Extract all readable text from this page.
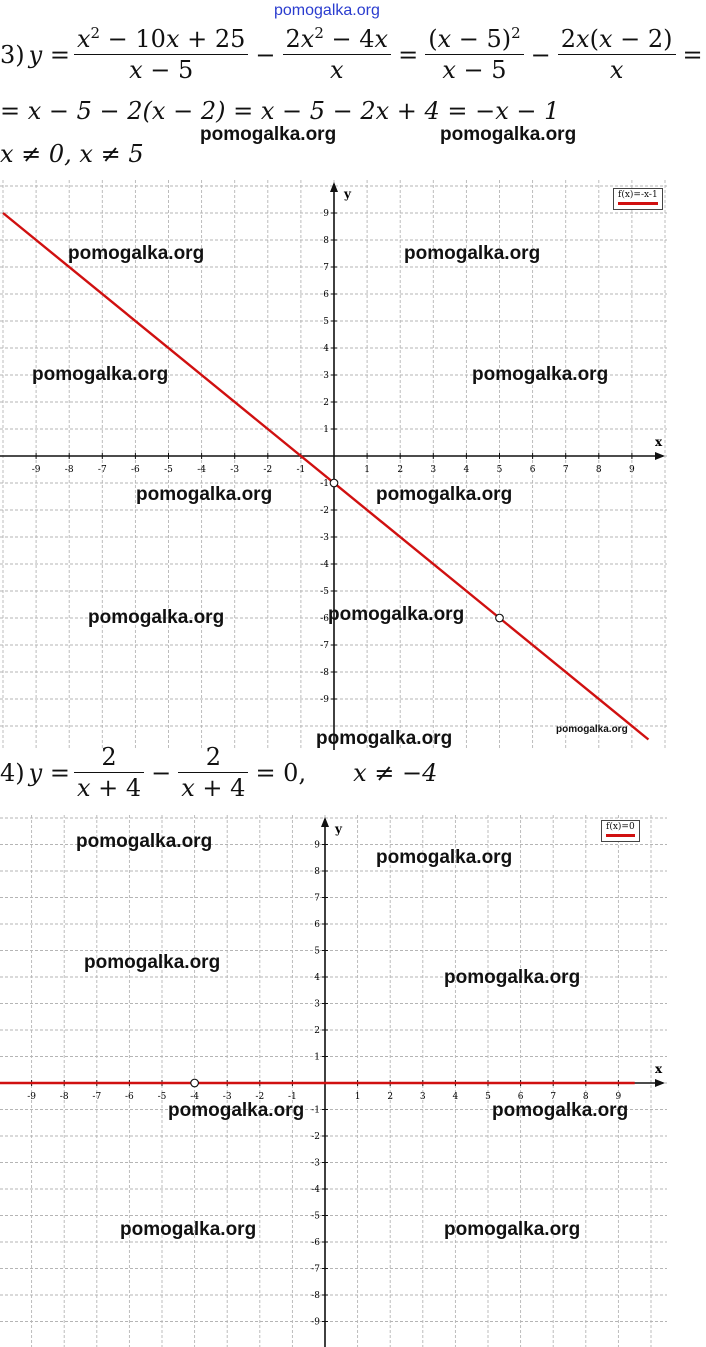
pomogalka.org
3) $y = \frac{x^2 - 10x + 25}{x - 5} - \frac{2x^2 - 4x}{x} = \frac{(x - 5)^2}{x - 5} - \frac{2x(x - 2)}{x}$ =
= x − 5 − 2(x − 2) = x − 5 − 2x + 4 = −x − 1
x ≠ 0, x ≠ 5
x
y
-9	-8	-7	-6	-5	-4	-3	-2	-1	1	2	3	4	5	6	7	8	9
9
8
7
6
5
4
3
2
1
-1
-2
-3
-4
-5
-6
-7
-8
-9
f(x)=-x-1
4) $y = \frac{2}{x + 4} - \frac{2}{x + 4} = 0$, x ≠ −4
x
y
-9	-8	-7	-6	-5	-4	-3	-2	-1	1	2	3	4	5	6	7	8	9
9
8
7
6
5
4
3
2
1
-1
-2
-3
-4
-5
-6
-7
-8
-9
f(x)=0
pomogalka.org	pomogalka.org
pomogalka.org	pomogalka.org
pomogalka.org	pomogalka.org
pomogalka.org	pomogalka.org
pomogalka.org	pomogalka.org
pomogalka.org	pomogalka.org
pomogalka.org
pomogalka.org
pomogalka.org
pomogalka.org
pomogalka.org	pomogalka.org
pomogalka.org	pomogalka.org
